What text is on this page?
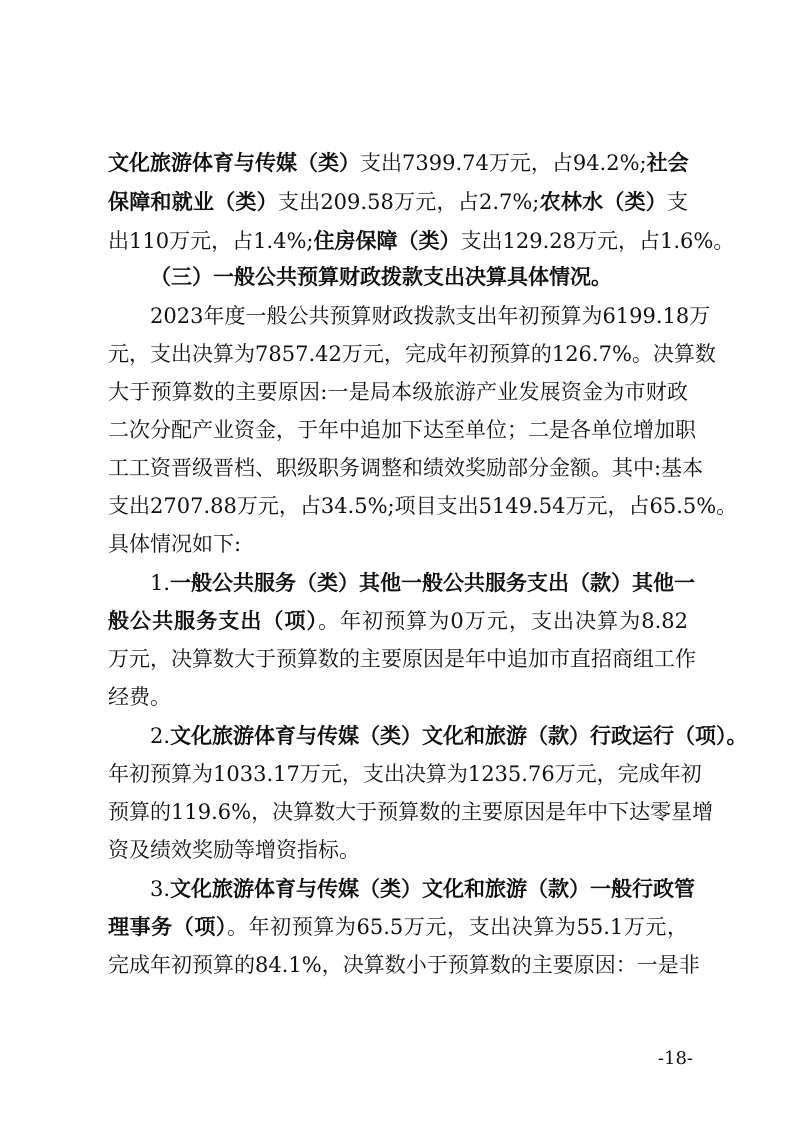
文化旅游体育与传媒（类）支出7399.74万元，占94.2%;社会
保障和就业（类）支出209.58万元，占2.7%;农林水（类）支
出110万元，占1.4%;住房保障（类）支出129.28万元，占1.6%。
（三）一般公共预算财政拨款支出决算具体情况。
2023年度一般公共预算财政拨款支出年初预算为6199.18万
元，支出决算为7857.42万元，完成年初预算的126.7%。决算数
大于预算数的主要原因:一是局本级旅游产业发展资金为市财政
二次分配产业资金，于年中追加下达至单位；二是各单位增加职
工工资晋级晋档、职级职务调整和绩效奖励部分金额。其中:基本
支出2707.88万元，占34.5%;项目支出5149.54万元，占65.5%。
具体情况如下:
1.一般公共服务（类）其他一般公共服务支出（款）其他一
般公共服务支出（项）。年初预算为0万元，支出决算为8.82
万元，决算数大于预算数的主要原因是年中追加市直招商组工作
经费。
2.文化旅游体育与传媒（类）文化和旅游（款）行政运行（项）。
年初预算为1033.17万元，支出决算为1235.76万元，完成年初
预算的119.6%，决算数大于预算数的主要原因是年中下达零星增
资及绩效奖励等增资指标。
3.文化旅游体育与传媒（类）文化和旅游（款）一般行政管
理事务（项）。年初预算为65.5万元，支出决算为55.1万元，
完成年初预算的84.1%，决算数小于预算数的主要原因：一是非
-18-
